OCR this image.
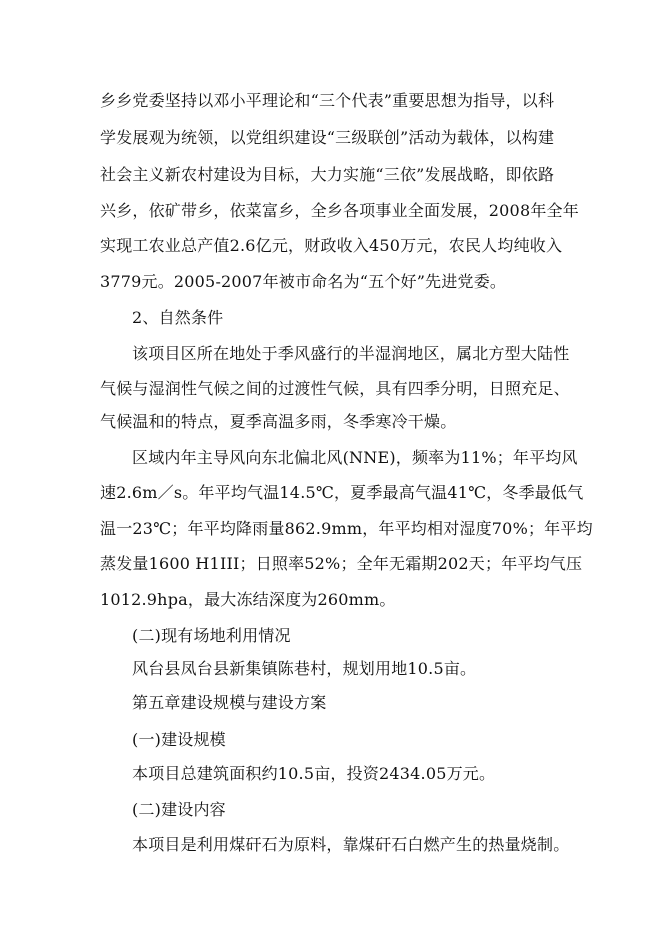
乡乡党委坚持以邓小平理论和“三个代表”重要思想为指导，以科
学发展观为统领，以党组织建设“三级联创”活动为载体，以构建
社会主义新农村建设为目标，大力实施“三依”发展战略，即依路
兴乡，依矿带乡，依菜富乡，全乡各项事业全面发展，2008年全年
实现工农业总产值2.6亿元，财政收入450万元，农民人均纯收入
3779元。2005-2007年被市命名为“五个好”先进党委。
2、自然条件
该项目区所在地处于季风盛行的半湿润地区，属北方型大陆性
气候与湿润性气候之间的过渡性气候，具有四季分明，日照充足、
气候温和的特点，夏季高温多雨，冬季寒冷干燥。
区域内年主导风向东北偏北风(NNE)，频率为11%；年平均风
速2.6m／s。年平均气温14.5℃，夏季最高气温41℃，冬季最低气
温一23℃；年平均降雨量862.9mm，年平均相对湿度70%；年平均
蒸发量1600 H1III；日照率52%；全年无霜期202天；年平均气压
1012.9hpa，最大冻结深度为260mm。
(二)现有场地利用情况
风台县凤台县新集镇陈巷村，规划用地10.5亩。
第五章建设规模与建设方案
(一)建设规模
本项目总建筑面积约10.5亩，投资2434.05万元。
(二)建设内容
本项目是利用煤矸石为原料，靠煤矸石白燃产生的热量烧制。
